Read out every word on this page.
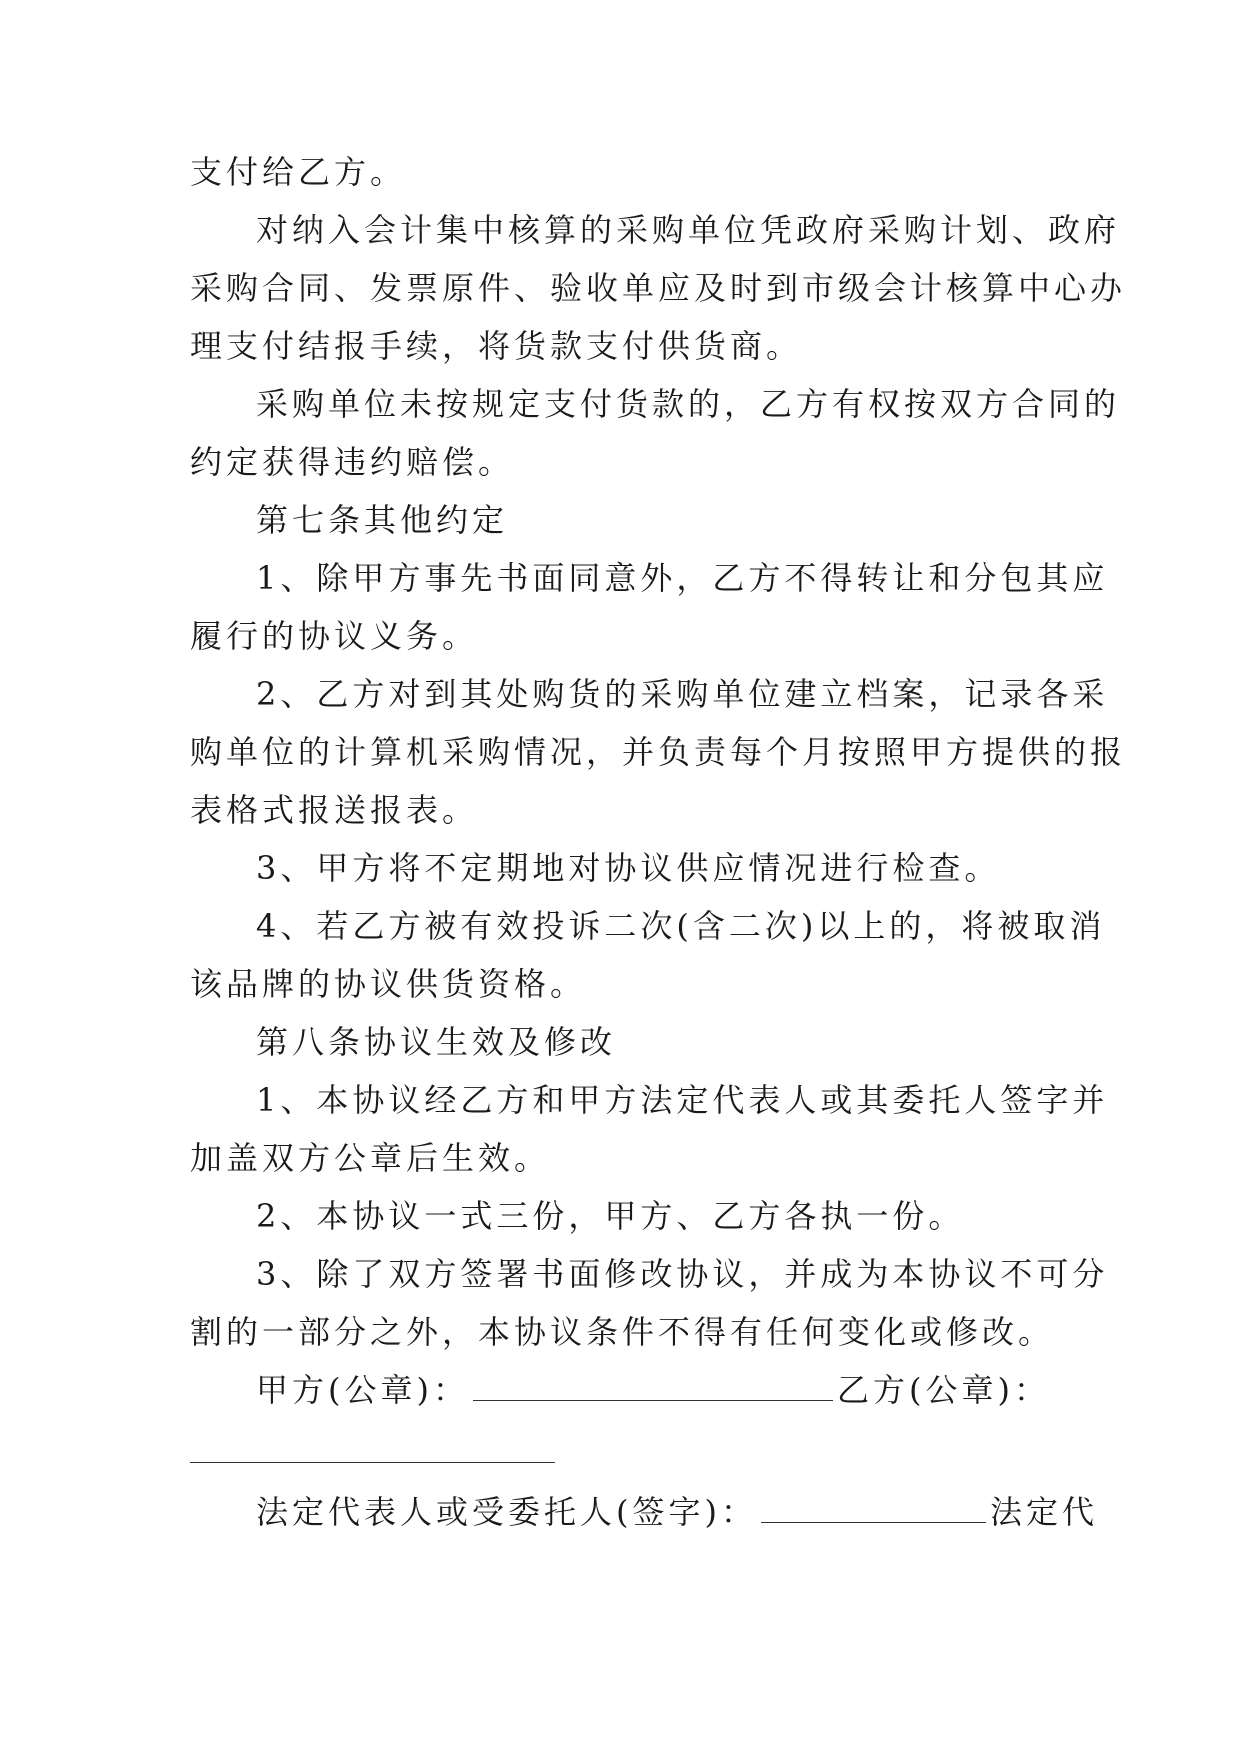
支付给乙方。
对纳入会计集中核算的采购单位凭政府采购计划、政府
采购合同、发票原件、验收单应及时到市级会计核算中心办
理支付结报手续，将货款支付供货商。
采购单位未按规定支付货款的，乙方有权按双方合同的
约定获得违约赔偿。
第七条其他约定
1、除甲方事先书面同意外，乙方不得转让和分包其应
履行的协议义务。
2、乙方对到其处购货的采购单位建立档案，记录各采
购单位的计算机采购情况，并负责每个月按照甲方提供的报
表格式报送报表。
3、甲方将不定期地对协议供应情况进行检查。
4、若乙方被有效投诉二次(含二次)以上的，将被取消
该品牌的协议供货资格。
第八条协议生效及修改
1、本协议经乙方和甲方法定代表人或其委托人签字并
加盖双方公章后生效。
2、本协议一式三份，甲方、乙方各执一份。
3、除了双方签署书面修改协议，并成为本协议不可分
割的一部分之外，本协议条件不得有任何变化或修改。
甲方(公章)：	乙方(公章)：
法定代表人或受委托人(签字)：	法定代
